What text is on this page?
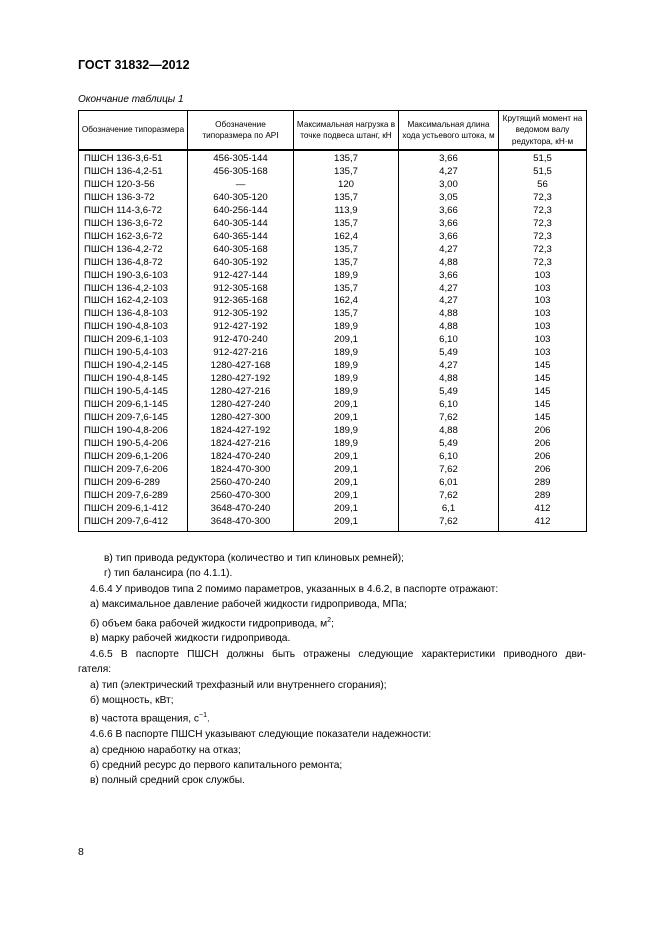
ГОСТ 31832—2012
Окончание таблицы 1
Обозначение типоразмера	Обозначение типоразмера по API	Максимальная нагрузка в точке подвеса штанг, кН	Максимальная длина хода устьевого штока, м	Крутящий момент на ведомом валу редуктора, кН·м
ПШСН 136-3,6-51	456-305-144	135,7	3,66	51,5
ПШСН 136-4,2-51	456-305-168	135,7	4,27	51,5
ПШСН 120-3-56	—	120	3,00	56
ПШСН 136-3-72	640-305-120	135,7	3,05	72,3
ПШСН 114-3,6-72	640-256-144	113,9	3,66	72,3
ПШСН 136-3,6-72	640-305-144	135,7	3,66	72,3
ПШСН 162-3,6-72	640-365-144	162,4	3,66	72,3
ПШСН 136-4,2-72	640-305-168	135,7	4,27	72,3
ПШСН 136-4,8-72	640-305-192	135,7	4,88	72,3
ПШСН 190-3,6-103	912-427-144	189,9	3,66	103
ПШСН 136-4,2-103	912-305-168	135,7	4,27	103
ПШСН 162-4,2-103	912-365-168	162,4	4,27	103
ПШСН 136-4,8-103	912-305-192	135,7	4,88	103
ПШСН 190-4,8-103	912-427-192	189,9	4,88	103
ПШСН 209-6,1-103	912-470-240	209,1	6,10	103
ПШСН 190-5,4-103	912-427-216	189,9	5,49	103
ПШСН 190-4,2-145	1280-427-168	189,9	4,27	145
ПШСН 190-4,8-145	1280-427-192	189,9	4,88	145
ПШСН 190-5,4-145	1280-427-216	189,9	5,49	145
ПШСН 209-6,1-145	1280-427-240	209,1	6,10	145
ПШСН 209-7,6-145	1280-427-300	209,1	7,62	145
ПШСН 190-4,8-206	1824-427-192	189,9	4,88	206
ПШСН 190-5,4-206	1824-427-216	189,9	5,49	206
ПШСН 209-6,1-206	1824-470-240	209,1	6,10	206
ПШСН 209-7,6-206	1824-470-300	209,1	7,62	206
ПШСН 209-6-289	2560-470-240	209,1	6,01	289
ПШСН 209-7,6-289	2560-470-300	209,1	7,62	289
ПШСН 209-6,1-412	3648-470-240	209,1	6,1	412
ПШСН 209-7,6-412	3648-470-300	209,1	7,62	412

в) тип привода редуктора (количество и тип клиновых ремней);

г) тип балансира (по 4.1.1).

4.6.4 У приводов типа 2 помимо параметров, указанных в 4.6.2, в паспорте отражают:

а) максимальное давление рабочей жидкости гидропривода, МПа;

б) объем бака рабочей жидкости гидропривода, $м^2$;

в) марку рабочей жидкости гидропривода.

4.6.5 В паспорте ПШСН должны быть отражены следующие характеристики приводного дви-

гателя:

а) тип (электрический трехфазный или внутреннего сгорания);

б) мощность, кВт;

в) частота вращения, $с^{-1}$.

4.6.6 В паспорте ПШСН указывают следующие показатели надежности:

а) среднюю наработку на отказ;

б) средний ресурс до первого капитального ремонта;

в) полный средний срок службы.

8
